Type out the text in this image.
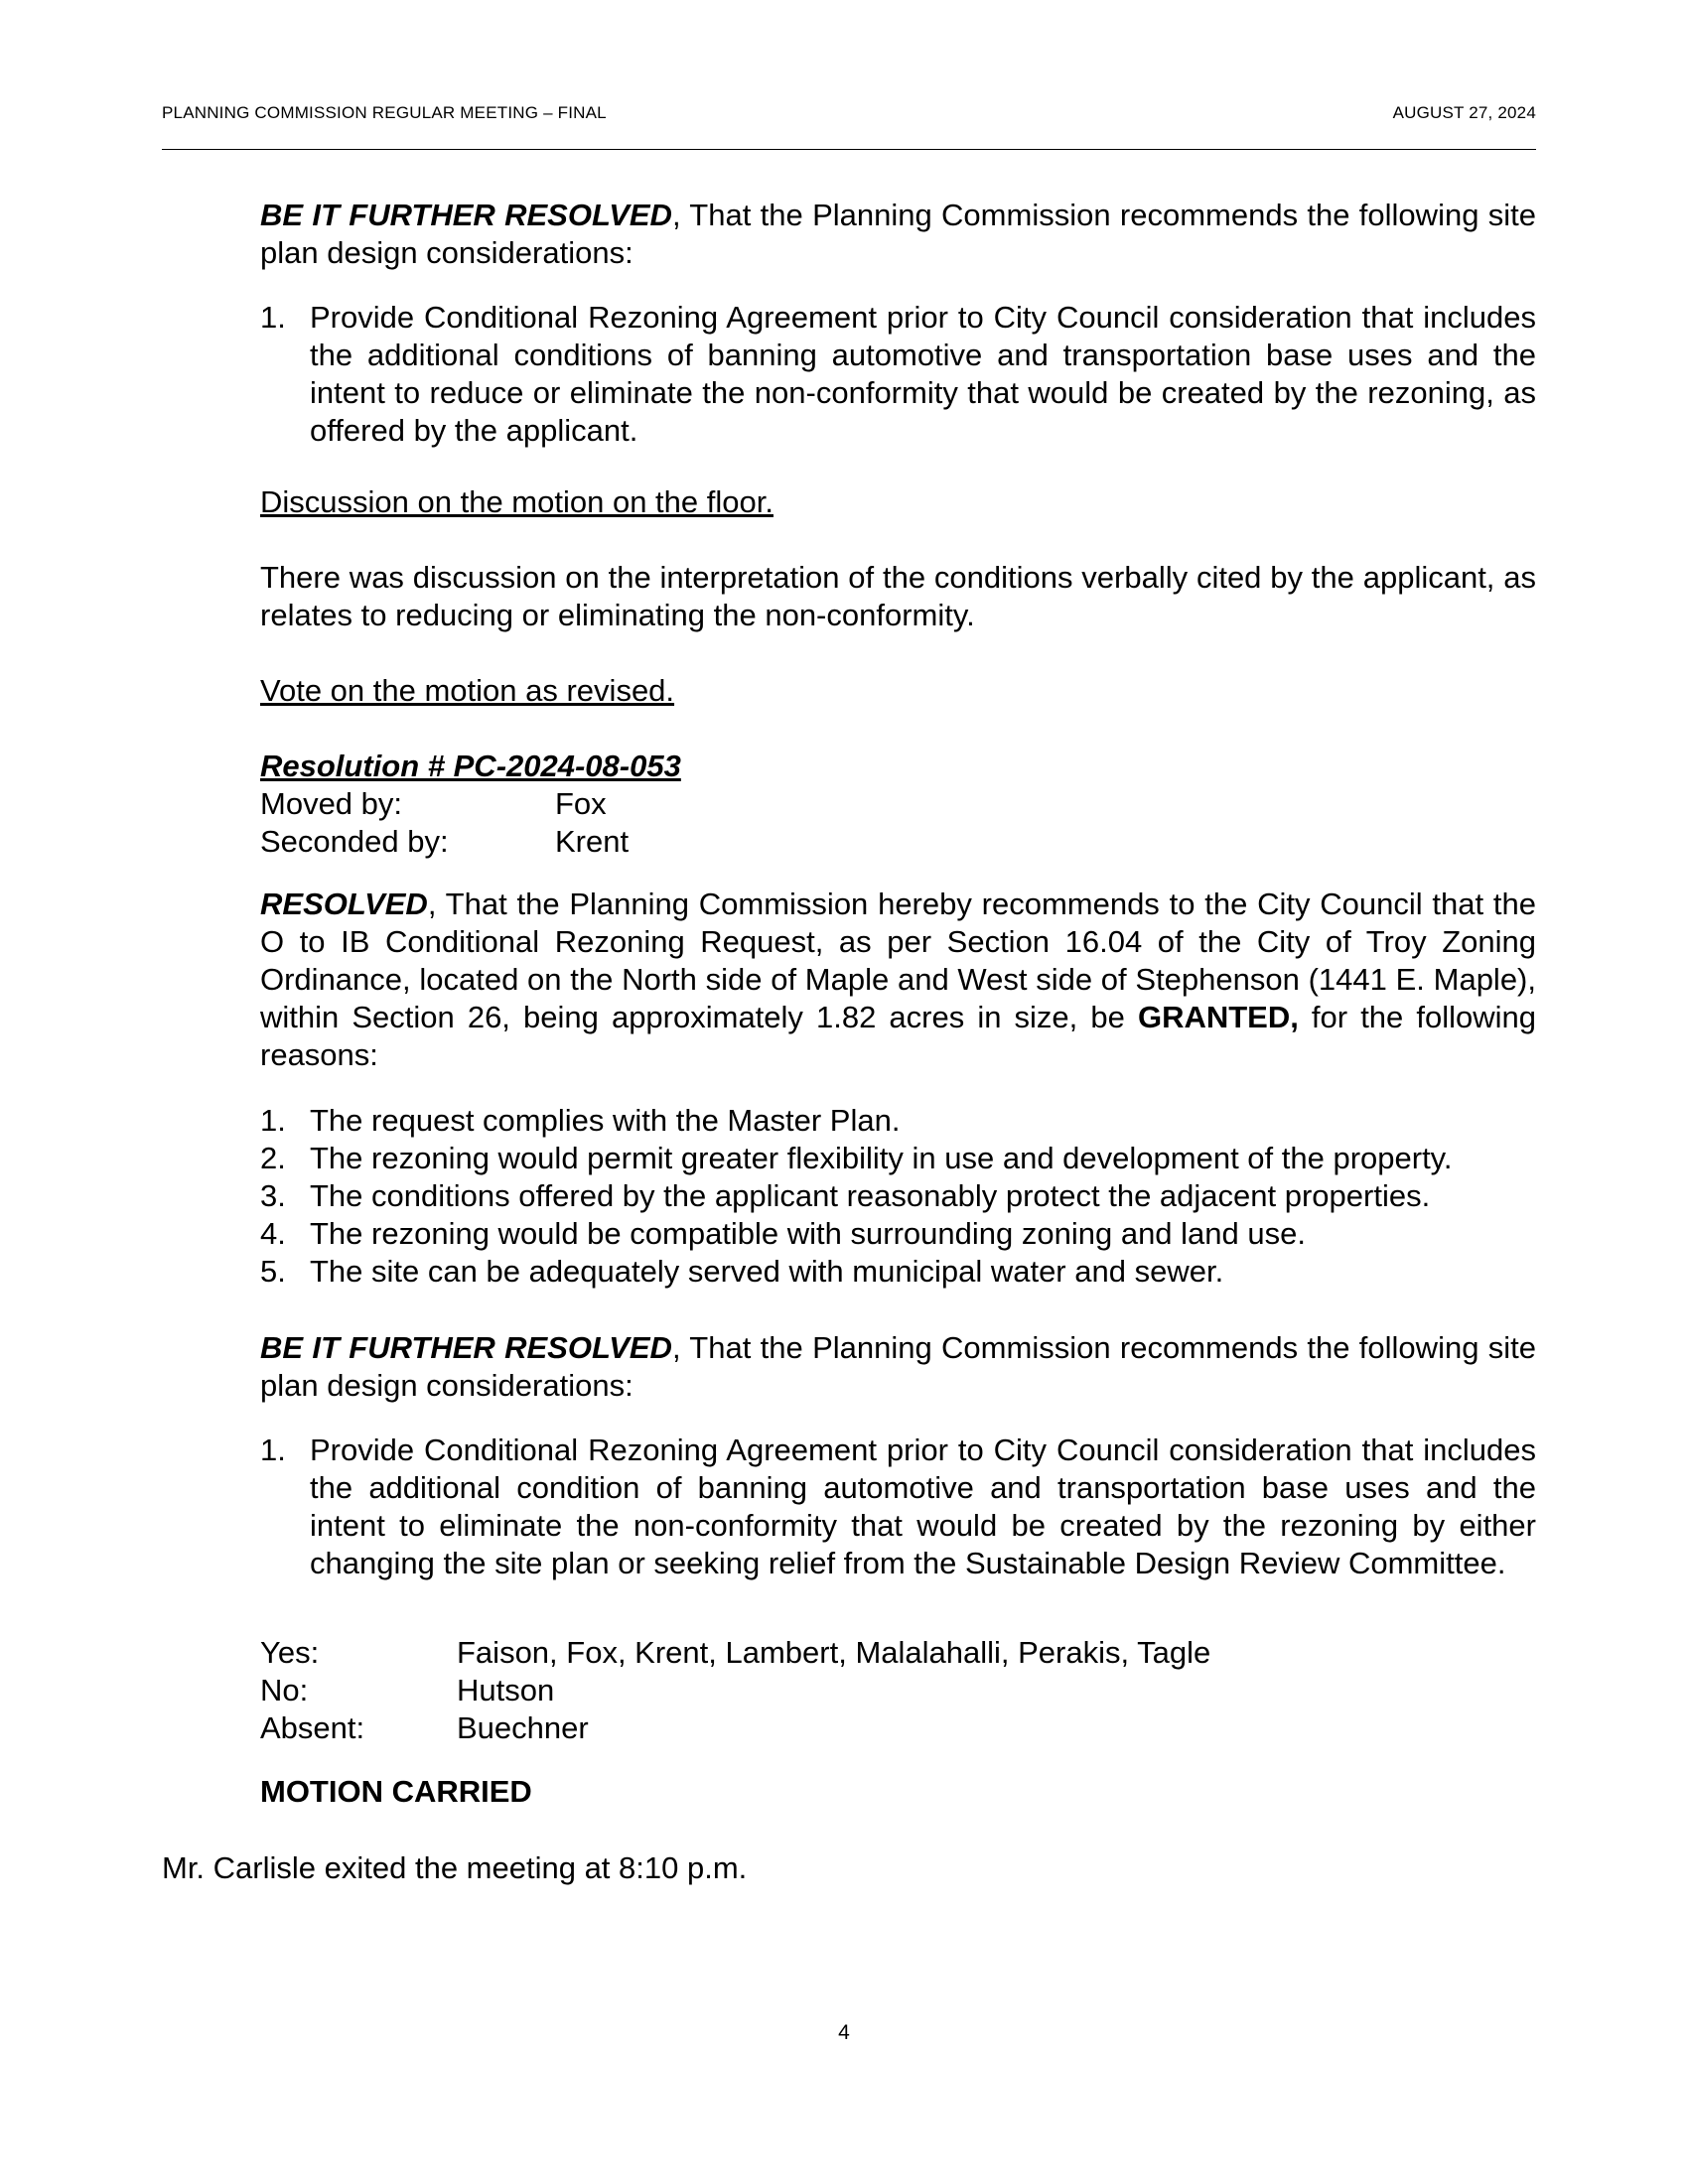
PLANNING COMMISSION REGULAR MEETING – FINAL	AUGUST 27, 2024

BE IT FURTHER RESOLVED, That the Planning Commission recommends the following site plan design considerations:

1. Provide Conditional Rezoning Agreement prior to City Council consideration that includes the additional conditions of banning automotive and transportation base uses and the intent to reduce or eliminate the non-conformity that would be created by the rezoning, as offered by the applicant.

Discussion on the motion on the floor.

There was discussion on the interpretation of the conditions verbally cited by the applicant, as relates to reducing or eliminating the non-conformity.

Vote on the motion as revised.

Resolution # PC-2024-08-053

Moved by:	Fox
Seconded by:	Krent

RESOLVED, That the Planning Commission hereby recommends to the City Council that the O to IB Conditional Rezoning Request, as per Section 16.04 of the City of Troy Zoning Ordinance, located on the North side of Maple and West side of Stephenson (1441 E. Maple), within Section 26, being approximately 1.82 acres in size, be GRANTED, for the following reasons:

1. The request complies with the Master Plan.
2. The rezoning would permit greater flexibility in use and development of the property.
3. The conditions offered by the applicant reasonably protect the adjacent properties.
4. The rezoning would be compatible with surrounding zoning and land use.
5. The site can be adequately served with municipal water and sewer.

BE IT FURTHER RESOLVED, That the Planning Commission recommends the following site plan design considerations:

1. Provide Conditional Rezoning Agreement prior to City Council consideration that includes the additional condition of banning automotive and transportation base uses and the intent to eliminate the non-conformity that would be created by the rezoning by either changing the site plan or seeking relief from the Sustainable Design Review Committee.
Yes:	Faison, Fox, Krent, Lambert, Malalahalli, Perakis, Tagle
No:	Hutson
Absent:	Buechner

MOTION CARRIED

Mr. Carlisle exited the meeting at 8:10 p.m.

4
